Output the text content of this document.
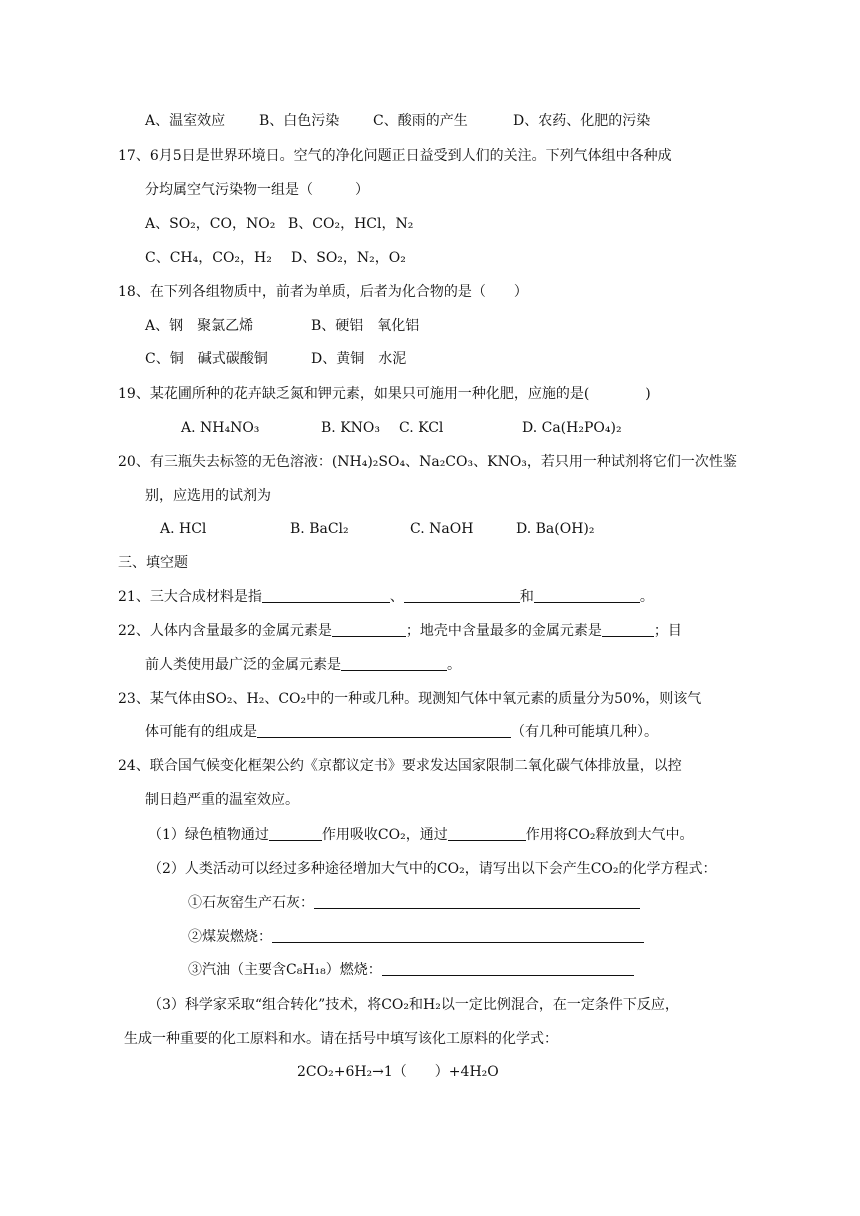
A、温室效应 B、白色污染 C、酸雨的产生	D、农药、化肥的污染
17、6月5日是世界环境日。空气的净化问题正日益受到人们的关注。下列气体组中各种成
分均属空气污染物一组是（　　　）
A、SO₂，CO，NO₂ B、CO₂，HCl，N₂
C、CH₄，CO₂，H₂ D、SO₂，N₂，O₂
18、在下列各组物质中，前者为单质，后者为化合物的是（　　）
A、钢　聚氯乙烯	B、硬铝　氧化铝
C、铜　碱式碳酸铜	D、黄铜　水泥
19、某花圃所种的花卉缺乏氮和钾元素，如果只可施用一种化肥，应施的是(　　　　)
A. NH₄NO₃	B. KNO₃ C. KCl	D. Ca(H₂PO₄)₂
20、有三瓶失去标签的无色溶液：(NH₄)₂SO₄、Na₂CO₃、KNO₃，若只用一种试剂将它们一次性鉴
别，应选用的试剂为
A. HCl	B. BaCl₂	C. NaOH	D. Ba(OH)₂
三、填空题
21、三大合成材料是指	、	和	。
22、人体内含量最多的金属元素是	；地壳中含量最多的金属元素是	；目
前人类使用最广泛的金属元素是	。
23、某气体由SO₂、H₂、CO₂中的一种或几种。现测知气体中氧元素的质量分为50%，则该气
体可能有的组成是	（有几种可能填几种）。
24、联合国气候变化框架公约《京都议定书》要求发达国家限制二氧化碳气体排放量，以控
制日趋严重的温室效应。
（1）绿色植物通过	作用吸收CO₂，通过	作用将CO₂释放到大气中。
（2）人类活动可以经过多种途径增加大气中的CO₂，请写出以下会产生CO₂的化学方程式：
①石灰窑生产石灰：
②煤炭燃烧：
③汽油（主要含C₈H₁₈）燃烧：
（3）科学家采取“组合转化”技术，将CO₂和H₂以一定比例混合，在一定条件下反应，
生成一种重要的化工原料和水。请在括号中填写该化工原料的化学式：
2CO₂+6H₂→1（　　）+4H₂O
